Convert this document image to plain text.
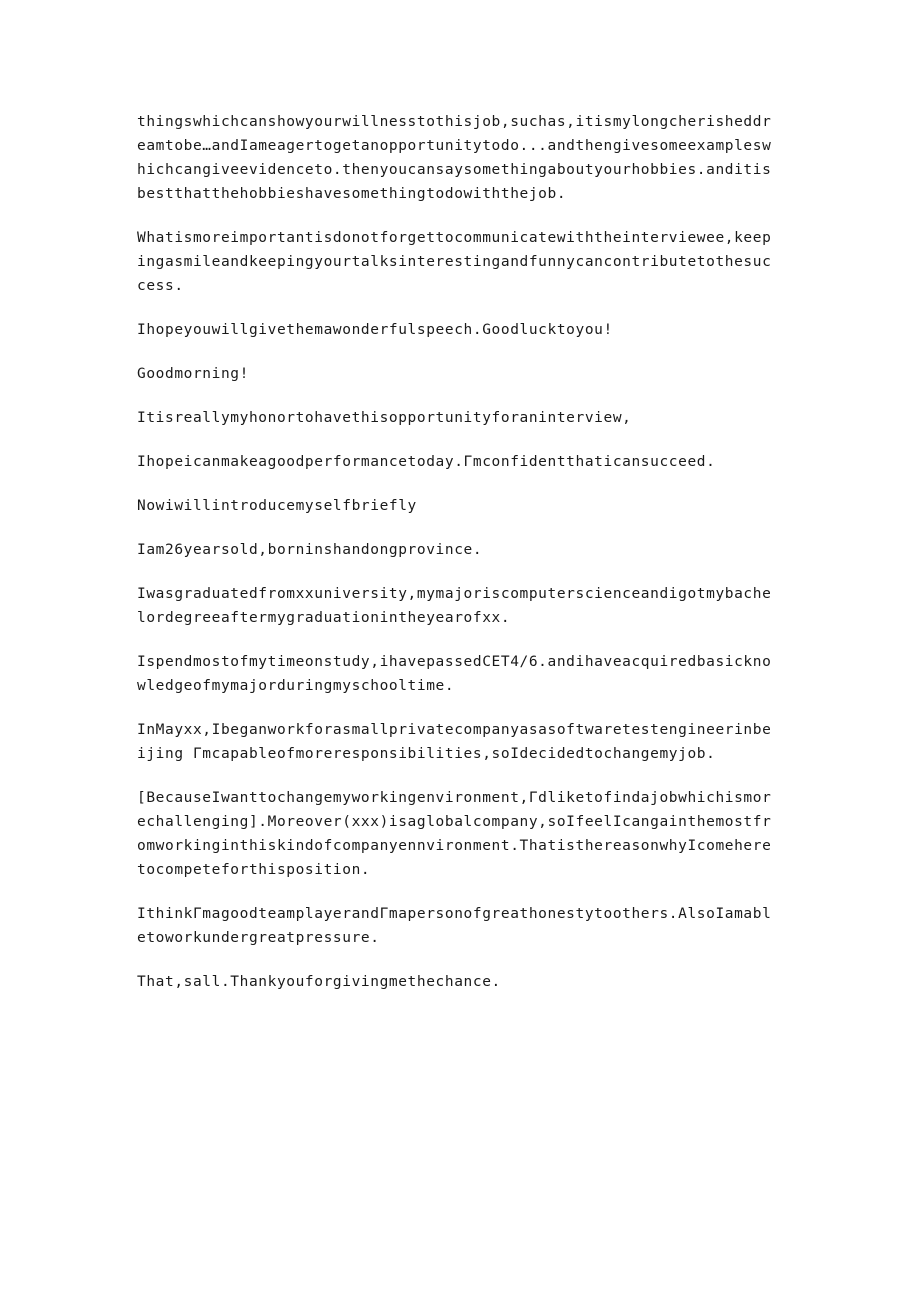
thingswhichcanshowyourwillnesstothisjob,suchas,itismylongcherisheddreamtobe…andIameagertogetanopportunitytodo...andthengivesomeexampleswhichcangiveevidenceto.thenyoucansaysomethingaboutyourhobbies.anditisbestthatthehobbieshavesomethingtodowiththejob.

Whatismoreimportantisdonotforgettocommunicatewiththeinterviewee,keepingasmileandkeepingyourtalksinterestingandfunnycancontributetothesuccess.

Ihopeyouwillgivethemawonderfulspeech.Goodlucktoyou!

Goodmorning!

Itisreallymyhonortohavethisopportunityforaninterview,

Ihopeicanmakeagoodperformancetoday.Γmconfidentthaticansucceed.

Nowiwillintroducemyselfbriefly

Iam26yearsold,borninshandongprovince.

Iwasgraduatedfromxxuniversity,mymajoriscomputerscienceandigotmybachelordegreeaftermygraduationintheyearofxx.

Ispendmostofmytimeonstudy,ihavepassedCET4/6.andihaveacquiredbasicknowledgeofmymajorduringmyschooltime.

InMayxx,Ibeganworkforasmallprivatecompanyasasoftwaretestengineerinbeijing Γmcapableofmoreresponsibilities,soIdecidedtochangemyjob.

[BecauseIwanttochangemyworkingenvironment,Γdliketofindajobwhichismorechallenging].Moreover(xxx)isaglobalcompany,soIfeelIcangainthemostfromworkinginthiskindofcompanyennvironment.ThatisthereasonwhyIcomeheretocompeteforthisposition.

IthinkΓmagoodteamplayerandΓmapersonofgreathonestytoothers.AlsoIamabletoworkundergreatpressure.

That,sall.Thankyouforgivingmethechance.
